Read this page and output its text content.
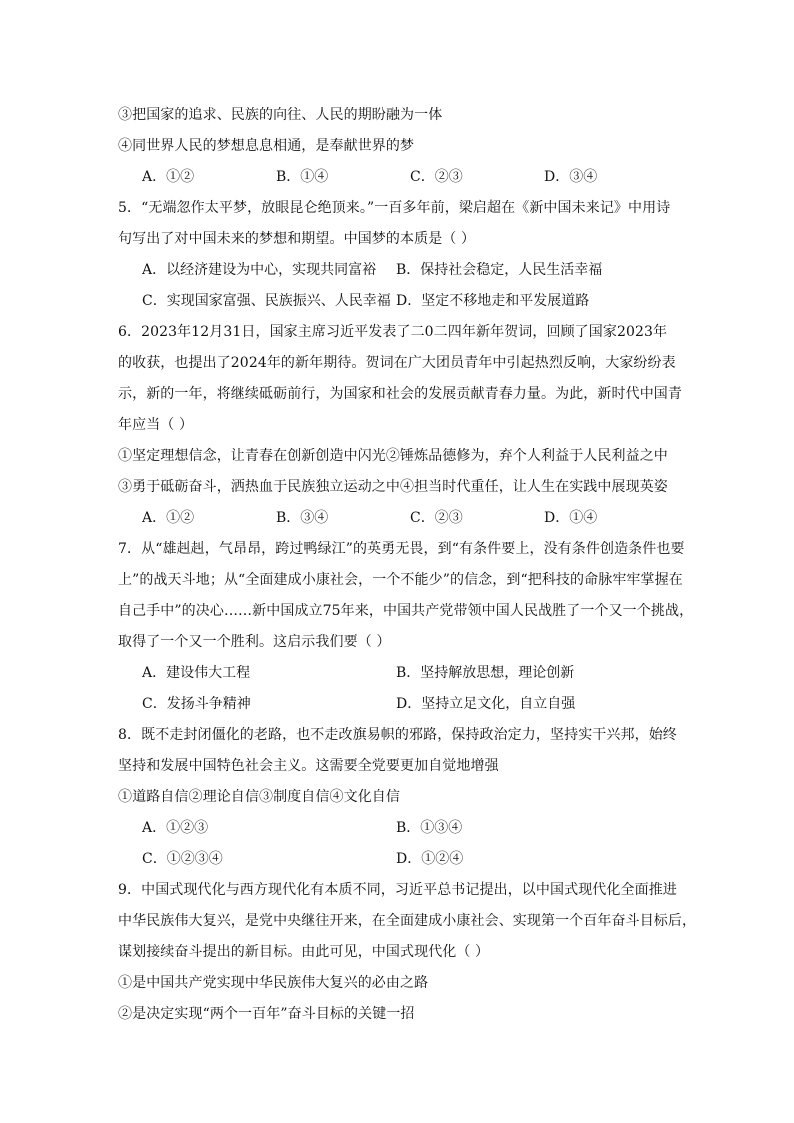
③把国家的追求、民族的向往、人民的期盼融为一体
④同世界人民的梦想息息相通，是奉献世界的梦
A．①②	B．①④	C．②③	D．③④
5．“无端忽作太平梦，放眼昆仑绝顶来。”一百多年前，梁启超在《新中国未来记》中用诗
句写出了对中国未来的梦想和期望。中国梦的本质是（ ）
A．以经济建设为中心，实现共同富裕	B．保持社会稳定，人民生活幸福
C．实现国家富强、民族振兴、人民幸福 D．坚定不移地走和平发展道路
6．2023年12月31日，国家主席习近平发表了二0二四年新年贺词，回顾了国家2023年
的收获，也提出了2024年的新年期待。贺词在广大团员青年中引起热烈反响，大家纷纷表
示，新的一年，将继续砥砺前行，为国家和社会的发展贡献青春力量。为此，新时代中国青
年应当（ ）
①坚定理想信念，让青春在创新创造中闪光②锤炼品德修为，弃个人利益于人民利益之中
③勇于砥砺奋斗，洒热血于民族独立运动之中④担当时代重任，让人生在实践中展现英姿
A．①②	B．③④	C．②③	D．①④
7．从“雄赳赳，气昂昂，跨过鸭绿江”的英勇无畏，到“有条件要上，没有条件创造条件也要
上”的战天斗地；从“全面建成小康社会，一个不能少”的信念，到“把科技的命脉牢牢掌握在
自己手中”的决心……新中国成立75年来，中国共产党带领中国人民战胜了一个又一个挑战，
取得了一个又一个胜利。这启示我们要（ ）
A．建设伟大工程	B．坚持解放思想，理论创新
C．发扬斗争精神	D．坚持立足文化，自立自强
8．既不走封闭僵化的老路，也不走改旗易帜的邪路，保持政治定力，坚持实干兴邦，始终
坚持和发展中国特色社会主义。这需要全党要更加自觉地增强
①道路自信②理论自信③制度自信④文化自信
A．①②③	B．①③④
C．①②③④	D．①②④
9．中国式现代化与西方现代化有本质不同，习近平总书记提出，以中国式现代化全面推进
中华民族伟大复兴，是党中央继往开来，在全面建成小康社会、实现第一个百年奋斗目标后，
谋划接续奋斗提出的新目标。由此可见，中国式现代化（ ）
①是中国共产党实现中华民族伟大复兴的必由之路
②是决定实现“两个一百年”奋斗目标的关键一招
